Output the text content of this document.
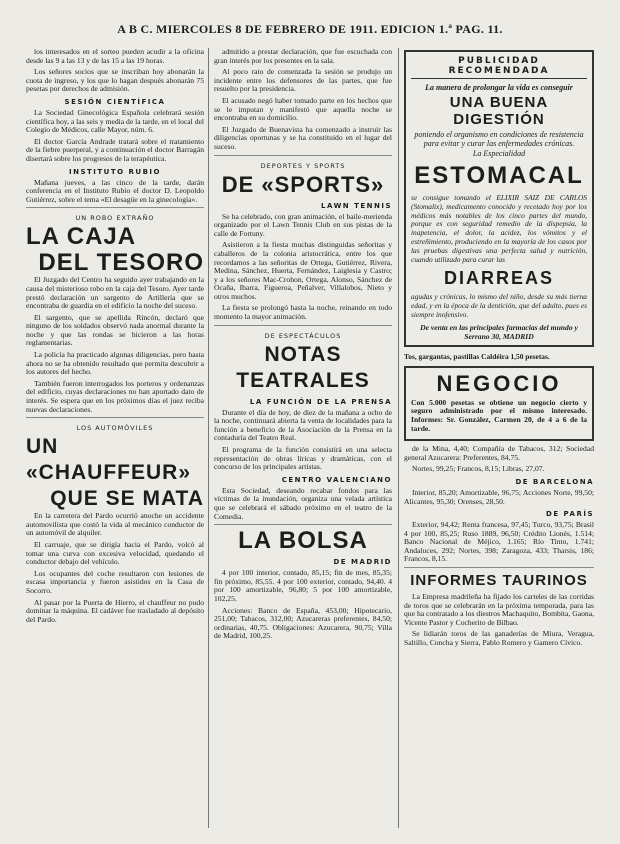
A B C. MIERCOLES 8 DE FEBRERO DE 1911. EDICION 1.ª PAG. 11.

los interesados en el sorteo pueden acudir a la oficina desde las 9 a las 13 y de las 15 a las 19 horas.

Los señores socios que se inscriban hoy abonarán la cuota de ingreso, y los que lo hagan después abonarán 75 pesetas por derechos de admisión.

SESIÓN CIENTÍFICA

La Sociedad Ginecológica Española celebrará sesión científica hoy, a las seis y media de la tarde, en el local del Colegio de Médicos, calle Mayor, núm. 6.

El doctor García Andrade tratará sobre el tratamiento de la fiebre puerperal, y a continuación el doctor Barragán disertará sobre los progresos de la terapéutica.

INSTITUTO RUBIO

Mañana jueves, a las cinco de la tarde, darán conferencia en el Instituto Rubio el doctor D. Leopoldo Gutiérrez, sobre el tema «El desagüe en la ginecología».

UN ROBO EXTRAÑO
LA CAJA
DEL TESORO

El Juzgado del Centro ha seguido ayer trabajando en la causa del misterioso robo en la caja del Tesoro. Ayer tarde prestó declaración un sargento de Artillería que se encontraba de guardia en el edificio la noche del suceso.

El sargento, que se apellida Rincón, declaró que ninguno de los soldados observó nada anormal durante la noche y que las rondas se hicieron a las horas reglamentarias.

La policía ha practicado algunas diligencias, pero hasta ahora no se ha obtenido resultado que permita descubrir a los autores del hecho.

También fueron interrogados los porteros y ordenanzas del edificio, cuyas declaraciones no han aportado dato de interés. Se espera que en los próximos días el juez reciba nuevas declaraciones.

LOS AUTOMÓVILES
UN «CHAUFFEUR»
QUE SE MATA

En la carretera del Pardo ocurrió anoche un accidente automovilista que costó la vida al mecánico conductor de un automóvil de alquiler.

El carruaje, que se dirigía hacia el Pardo, volcó al tomar una curva con excesiva velocidad, quedando el conductor debajo del vehículo.

Los ocupantes del coche resultaron con lesiones de escasa importancia y fueron asistidos en la Casa de Socorro.

Al pasar por la Puerta de Hierro, el chauffeur no pudo dominar la máquina. El cadáver fue trasladado al depósito del Pardo.

admitido a prestar declaración, que fue escuchada con gran interés por los presentes en la sala.

Al poco rato de comenzada la sesión se produjo un incidente entre los defensores de las partes, que fue resuelto por la presidencia.

El acusado negó haber tomado parte en los hechos que se le imputan y manifestó que aquella noche se encontraba en su domicilio.

El Juzgado de Buenavista ha comenzado a instruir las diligencias oportunas y se ha constituido en el lugar del suceso.

DEPORTES Y SPORTS
DE «SPORTS»
LAWN TENNIS

Se ha celebrado, con gran animación, el baile-merienda organizado por el Lawn Tennis Club en sus pistas de la calle de Fortuny.

Asistieron a la fiesta muchas distinguidas señoritas y caballeros de la colonia aristocrática, entre los que recordamos a las señoritas de Ortega, Gutiérrez, Rivera, Medina, Sánchez, Huerta, Fernández, Laiglesia y Castro; y a los señores Mac-Crohon, Ortega, Alonso, Sánchez de Ocaña, Ibarra, Figueroa, Peñalver, Villalobos, Nieto y otros muchos.

La fiesta se prolongó hasta la noche, reinando en todo momento la mayor animación.

DE ESPECTÁCULOS
NOTAS TEATRALES
LA FUNCIÓN DE LA PRENSA

Durante el día de hoy, de diez de la mañana a ocho de la noche, continuará abierta la venta de localidades para la función a beneficio de la Asociación de la Prensa en la contaduría del Teatro Real.

El programa de la función consistirá en una selecta representación de obras líricas y dramáticas, con el concurso de los principales artistas.

CENTRO VALENCIANO

Esta Sociedad, deseando recabar fondos para las víctimas de la inundación, organiza una velada artística que se celebrará el sábado próximo en el teatro de la Comedia.

LA BOLSA
DE MADRID

4 por 100 interior, contado, 85,15; fin de mes, 85,35; fin próximo, 85,55. 4 por 100 exterior, contado, 94,40. 4 por 100 amortizable, 96,80; 5 por 100 amortizable, 102,25.

Acciones: Banco de España, 453,00; Hipotecario, 251,00; Tabacos, 312,00; Azucareras preferentes, 84,50; ordinarias, 40,75. Obligaciones: Azucarera, 90,75; Villa de Madrid, 100,25.

PUBLICIDAD RECOMENDADA
La manera de prolongar la vida es conseguir
UNA BUENA DIGESTIÓN
poniendo el organismo en condiciones de resistencia para evitar y curar las enfermedades crónicas.
La Especialidad
ESTOMACAL
se consigue tomando el ELIXIR SAIZ DE CARLOS (Stomalix), medicamento conocido y recetado hoy por los médicos más notables de los cinco partes del mundo, porque es con seguridad remedio de la dispepsia, la inapetencia, el dolor, la acidez, los vómitos y el estreñimiento, produciendo en la mayoría de los casos por las pruebas digestivas una perfecta salud y nutrición, cuando utilizado para curar las
DIARREAS
agudas y crónicas, lo mismo del niño, desde su más tierna edad, y en la época de la dentición, que del adulto, pues es siempre inofensivo.
De venta en las principales farmacias del mundo y Serrano 30, MADRID
Tos, gargantas, pastillas Caldéira 1,50 pesetas.
NEGOCIO

Con 5.000 pesetas se obtiene un negocio cierto y seguro administrado por el mismo interesado. Informes: Sr. González, Carmen 20, de 4 a 6 de la tarde.

de la Mina, 4,40; Compañía de Tabacos, 312; Sociedad general Azucarera: Preferentes, 84,75.

Nortes, 99,25; Francos, 8,15; Libras, 27,07.

DE BARCELONA

Interior, 85,20; Amortizable, 96,75; Acciones Norte, 99,50; Alicantes, 95,30; Orenses, 28,50.

DE PARÍS

Exterior, 94,42; Renta francesa, 97,45; Turco, 93,75; Brasil 4 por 100, 85,25; Ruso 1889, 96,50; Crédito Lionés, 1.514; Banco Nacional de Méjico, 1.165; Río Tinto, 1.741; Andaluces, 292; Nortes, 398; Zaragoza, 433; Tharsis, 186; Francos, 8,15.

INFORMES TAURINOS

La Empresa madrileña ha fijado los carteles de las corridas de toros que se celebrarán en la próxima temporada, para las que ha contratado a los diestros Machaquito, Bombita, Gaona, Vicente Pastor y Cocherito de Bilbao.

Se lidiarán toros de las ganaderías de Miura, Veragua, Saltillo, Concha y Sierra, Pablo Romero y Gamero Cívico.
